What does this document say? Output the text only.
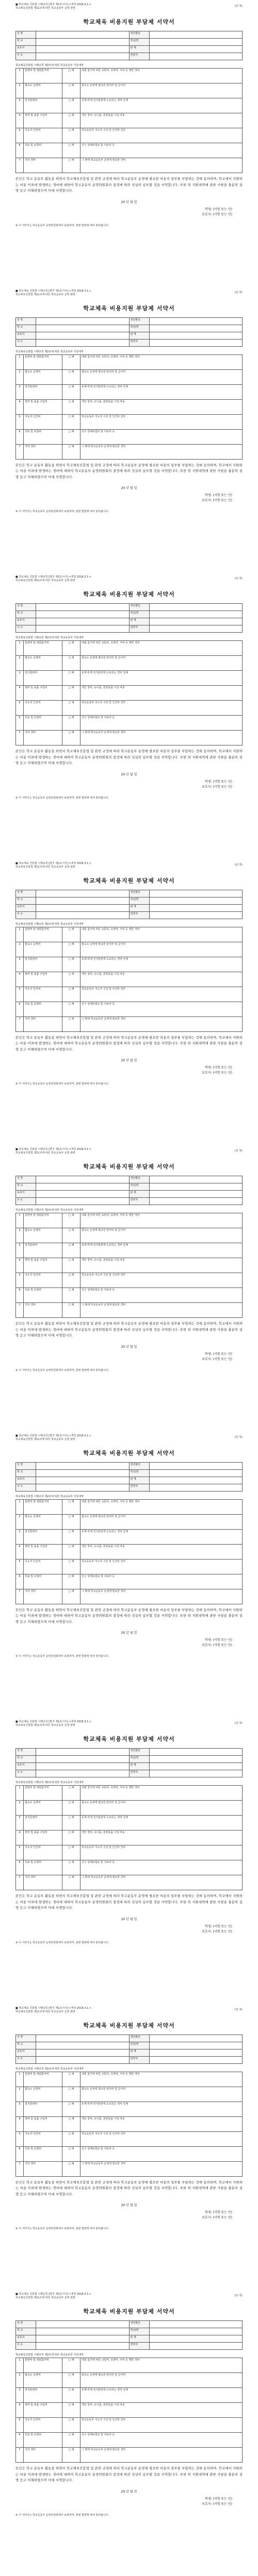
■ 학교체육 진흥법 시행규칙 [별지 제1호서식] <개정 2018.3.1.>
학교체육진흥법 제11조에 따른 학교운동부 운영 관련
(앞 쪽)
학교체육 비용지원 부담제 서약서
성 명		생년월일	
학 교		학년/반	
보호자		관 계	
주 소		연락처	
학교체육진흥법 시행규칙 제2조에 따른 학교운동부 지원내역
1	훈련비 및 대회참가비	□ 예	대회 참가에 따른 교통비, 숙박비, 식비 등 제반 경비
2	합숙소 운영비	□ 예	합숙소 운영에 필요한 관리비 및 급식비
3	전지훈련비	□ 예	동계·하계 전지훈련에 소요되는 경비 일체
4	장비 및 용품 구입비	□ 예	개인 장비, 유니폼, 훈련용품 구입 비용
5	지도자 인건비	□ 예	학교운동부 지도자 수당 및 인건비 일부
6	의료 및 보험비	□ 예	선수 상해보험료 및 치료비 등
7	기타 경비	□ 예	그 밖에 학교운동부 운영에 필요한 경비
본인은 학교 운동부 활동을 하면서 학교체육진흥법 및 관련 규정에 따라 학교운동부 운영에 필요한 비용의 일부를 부담하는 것에 동의하며, 학교에서 지원하는 비용 이외에 발생하는 경비에 대하여 학교운동부 운영위원회의 결정에 따라 성실히 납부할 것을 서약합니다. 또한 위 지원내역에 관한 사항을 충분히 설명 듣고 이해하였으며 이에 서명합니다.
20 년 월 일
학생: (서명 또는 인)
보호자: (서명 또는 인)
※ 이 서약서는 학교운동부 운영위원회에서 보관하며, 관련 법령에 따라 관리됩니다.
■ 학교체육 진흥법 시행규칙 [별지 제1호서식] <개정 2018.3.1.>
학교체육진흥법 제11조에 따른 학교운동부 운영 관련
(앞 쪽)
학교체육 비용지원 부담제 서약서
성 명		생년월일	
학 교		학년/반	
보호자		관 계	
주 소		연락처	
학교체육진흥법 시행규칙 제2조에 따른 학교운동부 지원내역
1	훈련비 및 대회참가비	□ 예	대회 참가에 따른 교통비, 숙박비, 식비 등 제반 경비
2	합숙소 운영비	□ 예	합숙소 운영에 필요한 관리비 및 급식비
3	전지훈련비	□ 예	동계·하계 전지훈련에 소요되는 경비 일체
4	장비 및 용품 구입비	□ 예	개인 장비, 유니폼, 훈련용품 구입 비용
5	지도자 인건비	□ 예	학교운동부 지도자 수당 및 인건비 일부
6	의료 및 보험비	□ 예	선수 상해보험료 및 치료비 등
7	기타 경비	□ 예	그 밖에 학교운동부 운영에 필요한 경비
본인은 학교 운동부 활동을 하면서 학교체육진흥법 및 관련 규정에 따라 학교운동부 운영에 필요한 비용의 일부를 부담하는 것에 동의하며, 학교에서 지원하는 비용 이외에 발생하는 경비에 대하여 학교운동부 운영위원회의 결정에 따라 성실히 납부할 것을 서약합니다. 또한 위 지원내역에 관한 사항을 충분히 설명 듣고 이해하였으며 이에 서명합니다.
20 년 월 일
학생: (서명 또는 인)
보호자: (서명 또는 인)
※ 이 서약서는 학교운동부 운영위원회에서 보관하며, 관련 법령에 따라 관리됩니다.
■ 학교체육 진흥법 시행규칙 [별지 제1호서식] <개정 2018.3.1.>
학교체육진흥법 제11조에 따른 학교운동부 운영 관련
(앞 쪽)
학교체육 비용지원 부담제 서약서
성 명		생년월일	
학 교		학년/반	
보호자		관 계	
주 소		연락처	
학교체육진흥법 시행규칙 제2조에 따른 학교운동부 지원내역
1	훈련비 및 대회참가비	□ 예	대회 참가에 따른 교통비, 숙박비, 식비 등 제반 경비
2	합숙소 운영비	□ 예	합숙소 운영에 필요한 관리비 및 급식비
3	전지훈련비	□ 예	동계·하계 전지훈련에 소요되는 경비 일체
4	장비 및 용품 구입비	□ 예	개인 장비, 유니폼, 훈련용품 구입 비용
5	지도자 인건비	□ 예	학교운동부 지도자 수당 및 인건비 일부
6	의료 및 보험비	□ 예	선수 상해보험료 및 치료비 등
7	기타 경비	□ 예	그 밖에 학교운동부 운영에 필요한 경비
본인은 학교 운동부 활동을 하면서 학교체육진흥법 및 관련 규정에 따라 학교운동부 운영에 필요한 비용의 일부를 부담하는 것에 동의하며, 학교에서 지원하는 비용 이외에 발생하는 경비에 대하여 학교운동부 운영위원회의 결정에 따라 성실히 납부할 것을 서약합니다. 또한 위 지원내역에 관한 사항을 충분히 설명 듣고 이해하였으며 이에 서명합니다.
20 년 월 일
학생: (서명 또는 인)
보호자: (서명 또는 인)
※ 이 서약서는 학교운동부 운영위원회에서 보관하며, 관련 법령에 따라 관리됩니다.
■ 학교체육 진흥법 시행규칙 [별지 제1호서식] <개정 2018.3.1.>
학교체육진흥법 제11조에 따른 학교운동부 운영 관련
(앞 쪽)
학교체육 비용지원 부담제 서약서
성 명		생년월일	
학 교		학년/반	
보호자		관 계	
주 소		연락처	
학교체육진흥법 시행규칙 제2조에 따른 학교운동부 지원내역
1	훈련비 및 대회참가비	□ 예	대회 참가에 따른 교통비, 숙박비, 식비 등 제반 경비
2	합숙소 운영비	□ 예	합숙소 운영에 필요한 관리비 및 급식비
3	전지훈련비	□ 예	동계·하계 전지훈련에 소요되는 경비 일체
4	장비 및 용품 구입비	□ 예	개인 장비, 유니폼, 훈련용품 구입 비용
5	지도자 인건비	□ 예	학교운동부 지도자 수당 및 인건비 일부
6	의료 및 보험비	□ 예	선수 상해보험료 및 치료비 등
7	기타 경비	□ 예	그 밖에 학교운동부 운영에 필요한 경비
본인은 학교 운동부 활동을 하면서 학교체육진흥법 및 관련 규정에 따라 학교운동부 운영에 필요한 비용의 일부를 부담하는 것에 동의하며, 학교에서 지원하는 비용 이외에 발생하는 경비에 대하여 학교운동부 운영위원회의 결정에 따라 성실히 납부할 것을 서약합니다. 또한 위 지원내역에 관한 사항을 충분히 설명 듣고 이해하였으며 이에 서명합니다.
20 년 월 일
학생: (서명 또는 인)
보호자: (서명 또는 인)
※ 이 서약서는 학교운동부 운영위원회에서 보관하며, 관련 법령에 따라 관리됩니다.
■ 학교체육 진흥법 시행규칙 [별지 제1호서식] <개정 2018.3.1.>
학교체육진흥법 제11조에 따른 학교운동부 운영 관련
(앞 쪽)
학교체육 비용지원 부담제 서약서
성 명		생년월일	
학 교		학년/반	
보호자		관 계	
주 소		연락처	
학교체육진흥법 시행규칙 제2조에 따른 학교운동부 지원내역
1	훈련비 및 대회참가비	□ 예	대회 참가에 따른 교통비, 숙박비, 식비 등 제반 경비
2	합숙소 운영비	□ 예	합숙소 운영에 필요한 관리비 및 급식비
3	전지훈련비	□ 예	동계·하계 전지훈련에 소요되는 경비 일체
4	장비 및 용품 구입비	□ 예	개인 장비, 유니폼, 훈련용품 구입 비용
5	지도자 인건비	□ 예	학교운동부 지도자 수당 및 인건비 일부
6	의료 및 보험비	□ 예	선수 상해보험료 및 치료비 등
7	기타 경비	□ 예	그 밖에 학교운동부 운영에 필요한 경비
본인은 학교 운동부 활동을 하면서 학교체육진흥법 및 관련 규정에 따라 학교운동부 운영에 필요한 비용의 일부를 부담하는 것에 동의하며, 학교에서 지원하는 비용 이외에 발생하는 경비에 대하여 학교운동부 운영위원회의 결정에 따라 성실히 납부할 것을 서약합니다. 또한 위 지원내역에 관한 사항을 충분히 설명 듣고 이해하였으며 이에 서명합니다.
20 년 월 일
학생: (서명 또는 인)
보호자: (서명 또는 인)
※ 이 서약서는 학교운동부 운영위원회에서 보관하며, 관련 법령에 따라 관리됩니다.
■ 학교체육 진흥법 시행규칙 [별지 제1호서식] <개정 2018.3.1.>
학교체육진흥법 제11조에 따른 학교운동부 운영 관련
(앞 쪽)
학교체육 비용지원 부담제 서약서
성 명		생년월일	
학 교		학년/반	
보호자		관 계	
주 소		연락처	
학교체육진흥법 시행규칙 제2조에 따른 학교운동부 지원내역
1	훈련비 및 대회참가비	□ 예	대회 참가에 따른 교통비, 숙박비, 식비 등 제반 경비
2	합숙소 운영비	□ 예	합숙소 운영에 필요한 관리비 및 급식비
3	전지훈련비	□ 예	동계·하계 전지훈련에 소요되는 경비 일체
4	장비 및 용품 구입비	□ 예	개인 장비, 유니폼, 훈련용품 구입 비용
5	지도자 인건비	□ 예	학교운동부 지도자 수당 및 인건비 일부
6	의료 및 보험비	□ 예	선수 상해보험료 및 치료비 등
7	기타 경비	□ 예	그 밖에 학교운동부 운영에 필요한 경비
본인은 학교 운동부 활동을 하면서 학교체육진흥법 및 관련 규정에 따라 학교운동부 운영에 필요한 비용의 일부를 부담하는 것에 동의하며, 학교에서 지원하는 비용 이외에 발생하는 경비에 대하여 학교운동부 운영위원회의 결정에 따라 성실히 납부할 것을 서약합니다. 또한 위 지원내역에 관한 사항을 충분히 설명 듣고 이해하였으며 이에 서명합니다.
20 년 월 일
학생: (서명 또는 인)
보호자: (서명 또는 인)
※ 이 서약서는 학교운동부 운영위원회에서 보관하며, 관련 법령에 따라 관리됩니다.
■ 학교체육 진흥법 시행규칙 [별지 제1호서식] <개정 2018.3.1.>
학교체육진흥법 제11조에 따른 학교운동부 운영 관련
(앞 쪽)
학교체육 비용지원 부담제 서약서
성 명		생년월일	
학 교		학년/반	
보호자		관 계	
주 소		연락처	
학교체육진흥법 시행규칙 제2조에 따른 학교운동부 지원내역
1	훈련비 및 대회참가비	□ 예	대회 참가에 따른 교통비, 숙박비, 식비 등 제반 경비
2	합숙소 운영비	□ 예	합숙소 운영에 필요한 관리비 및 급식비
3	전지훈련비	□ 예	동계·하계 전지훈련에 소요되는 경비 일체
4	장비 및 용품 구입비	□ 예	개인 장비, 유니폼, 훈련용품 구입 비용
5	지도자 인건비	□ 예	학교운동부 지도자 수당 및 인건비 일부
6	의료 및 보험비	□ 예	선수 상해보험료 및 치료비 등
7	기타 경비	□ 예	그 밖에 학교운동부 운영에 필요한 경비
본인은 학교 운동부 활동을 하면서 학교체육진흥법 및 관련 규정에 따라 학교운동부 운영에 필요한 비용의 일부를 부담하는 것에 동의하며, 학교에서 지원하는 비용 이외에 발생하는 경비에 대하여 학교운동부 운영위원회의 결정에 따라 성실히 납부할 것을 서약합니다. 또한 위 지원내역에 관한 사항을 충분히 설명 듣고 이해하였으며 이에 서명합니다.
20 년 월 일
학생: (서명 또는 인)
보호자: (서명 또는 인)
※ 이 서약서는 학교운동부 운영위원회에서 보관하며, 관련 법령에 따라 관리됩니다.
■ 학교체육 진흥법 시행규칙 [별지 제1호서식] <개정 2018.3.1.>
학교체육진흥법 제11조에 따른 학교운동부 운영 관련
(앞 쪽)
학교체육 비용지원 부담제 서약서
성 명		생년월일	
학 교		학년/반	
보호자		관 계	
주 소		연락처	
학교체육진흥법 시행규칙 제2조에 따른 학교운동부 지원내역
1	훈련비 및 대회참가비	□ 예	대회 참가에 따른 교통비, 숙박비, 식비 등 제반 경비
2	합숙소 운영비	□ 예	합숙소 운영에 필요한 관리비 및 급식비
3	전지훈련비	□ 예	동계·하계 전지훈련에 소요되는 경비 일체
4	장비 및 용품 구입비	□ 예	개인 장비, 유니폼, 훈련용품 구입 비용
5	지도자 인건비	□ 예	학교운동부 지도자 수당 및 인건비 일부
6	의료 및 보험비	□ 예	선수 상해보험료 및 치료비 등
7	기타 경비	□ 예	그 밖에 학교운동부 운영에 필요한 경비
본인은 학교 운동부 활동을 하면서 학교체육진흥법 및 관련 규정에 따라 학교운동부 운영에 필요한 비용의 일부를 부담하는 것에 동의하며, 학교에서 지원하는 비용 이외에 발생하는 경비에 대하여 학교운동부 운영위원회의 결정에 따라 성실히 납부할 것을 서약합니다. 또한 위 지원내역에 관한 사항을 충분히 설명 듣고 이해하였으며 이에 서명합니다.
20 년 월 일
학생: (서명 또는 인)
보호자: (서명 또는 인)
※ 이 서약서는 학교운동부 운영위원회에서 보관하며, 관련 법령에 따라 관리됩니다.
■ 학교체육 진흥법 시행규칙 [별지 제1호서식] <개정 2018.3.1.>
학교체육진흥법 제11조에 따른 학교운동부 운영 관련
(앞 쪽)
학교체육 비용지원 부담제 서약서
성 명		생년월일	
학 교		학년/반	
보호자		관 계	
주 소		연락처	
학교체육진흥법 시행규칙 제2조에 따른 학교운동부 지원내역
1	훈련비 및 대회참가비	□ 예	대회 참가에 따른 교통비, 숙박비, 식비 등 제반 경비
2	합숙소 운영비	□ 예	합숙소 운영에 필요한 관리비 및 급식비
3	전지훈련비	□ 예	동계·하계 전지훈련에 소요되는 경비 일체
4	장비 및 용품 구입비	□ 예	개인 장비, 유니폼, 훈련용품 구입 비용
5	지도자 인건비	□ 예	학교운동부 지도자 수당 및 인건비 일부
6	의료 및 보험비	□ 예	선수 상해보험료 및 치료비 등
7	기타 경비	□ 예	그 밖에 학교운동부 운영에 필요한 경비
본인은 학교 운동부 활동을 하면서 학교체육진흥법 및 관련 규정에 따라 학교운동부 운영에 필요한 비용의 일부를 부담하는 것에 동의하며, 학교에서 지원하는 비용 이외에 발생하는 경비에 대하여 학교운동부 운영위원회의 결정에 따라 성실히 납부할 것을 서약합니다. 또한 위 지원내역에 관한 사항을 충분히 설명 듣고 이해하였으며 이에 서명합니다.
20 년 월 일
학생: (서명 또는 인)
보호자: (서명 또는 인)
※ 이 서약서는 학교운동부 운영위원회에서 보관하며, 관련 법령에 따라 관리됩니다.
